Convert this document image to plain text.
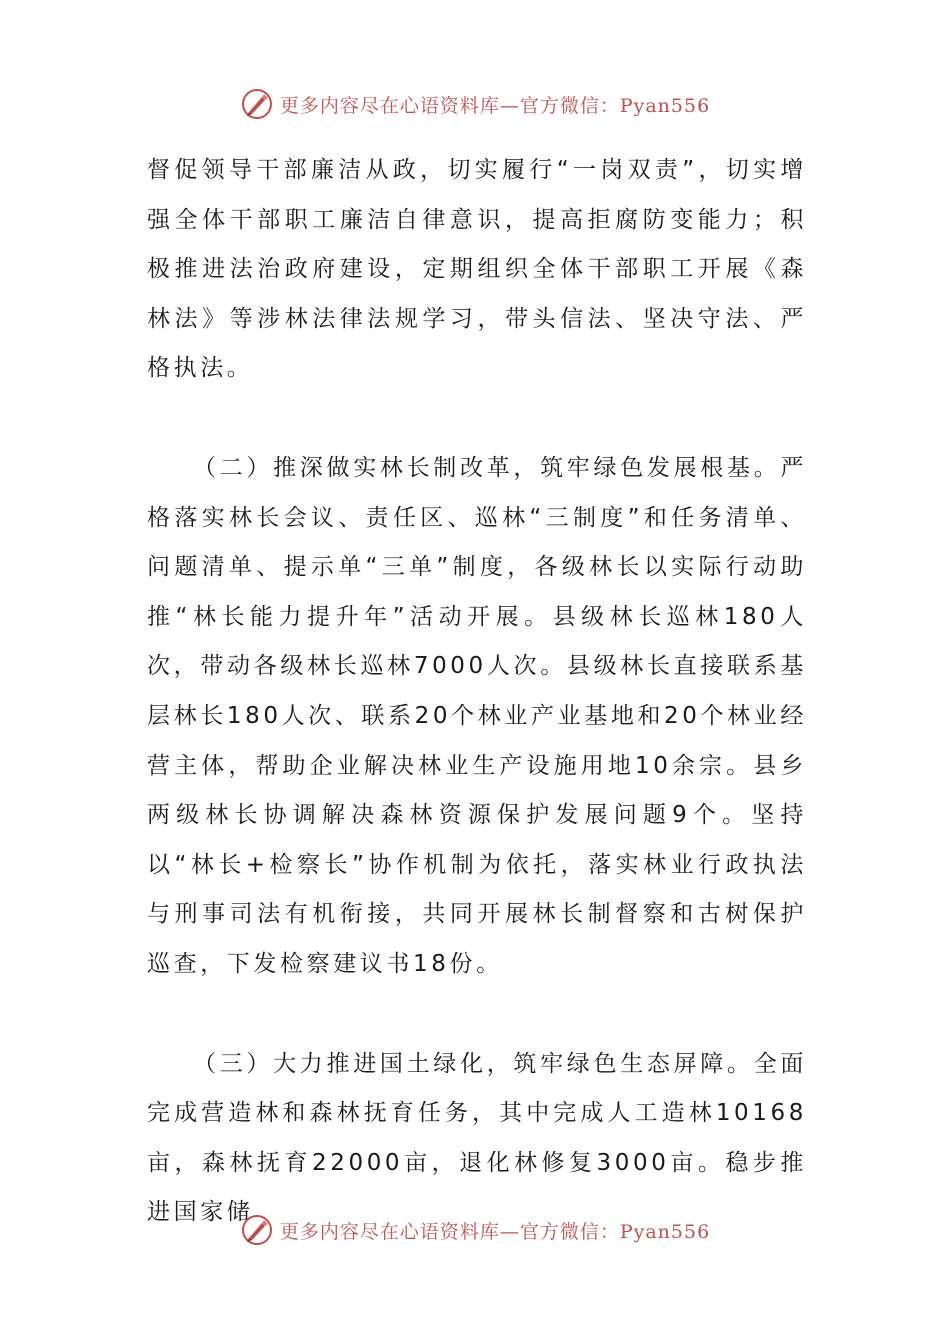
更多内容尽在心语资料库—官方微信：Pyan556

督促领导干部廉洁从政，切实履行“一岗双责”，切实增强全体干部职工廉洁自律意识，提高拒腐防变能力；积极推进法治政府建设，定期组织全体干部职工开展《森林法》等涉林法律法规学习，带头信法、坚决守法、严格执法。

（二）推深做实林长制改革，筑牢绿色发展根基。严格落实林长会议、责任区、巡林“三制度”和任务清单、问题清单、提示单“三单”制度，各级林长以实际行动助推“林长能力提升年”活动开展。县级林长巡林180人次，带动各级林长巡林7000人次。县级林长直接联系基层林长180人次、联系20个林业产业基地和20个林业经营主体，帮助企业解决林业生产设施用地10余宗。县乡两级林长协调解决森林资源保护发展问题9个。坚持以“林长+检察长”协作机制为依托，落实林业行政执法与刑事司法有机衔接，共同开展林长制督察和古树保护巡查，下发检察建议书18份。

（三）大力推进国土绿化，筑牢绿色生态屏障。全面完成营造林和森林抚育任务，其中完成人工造林10168亩，森林抚育22000亩，退化林修复3000亩。稳步推进国家储

更多内容尽在心语资料库—官方微信：Pyan556
